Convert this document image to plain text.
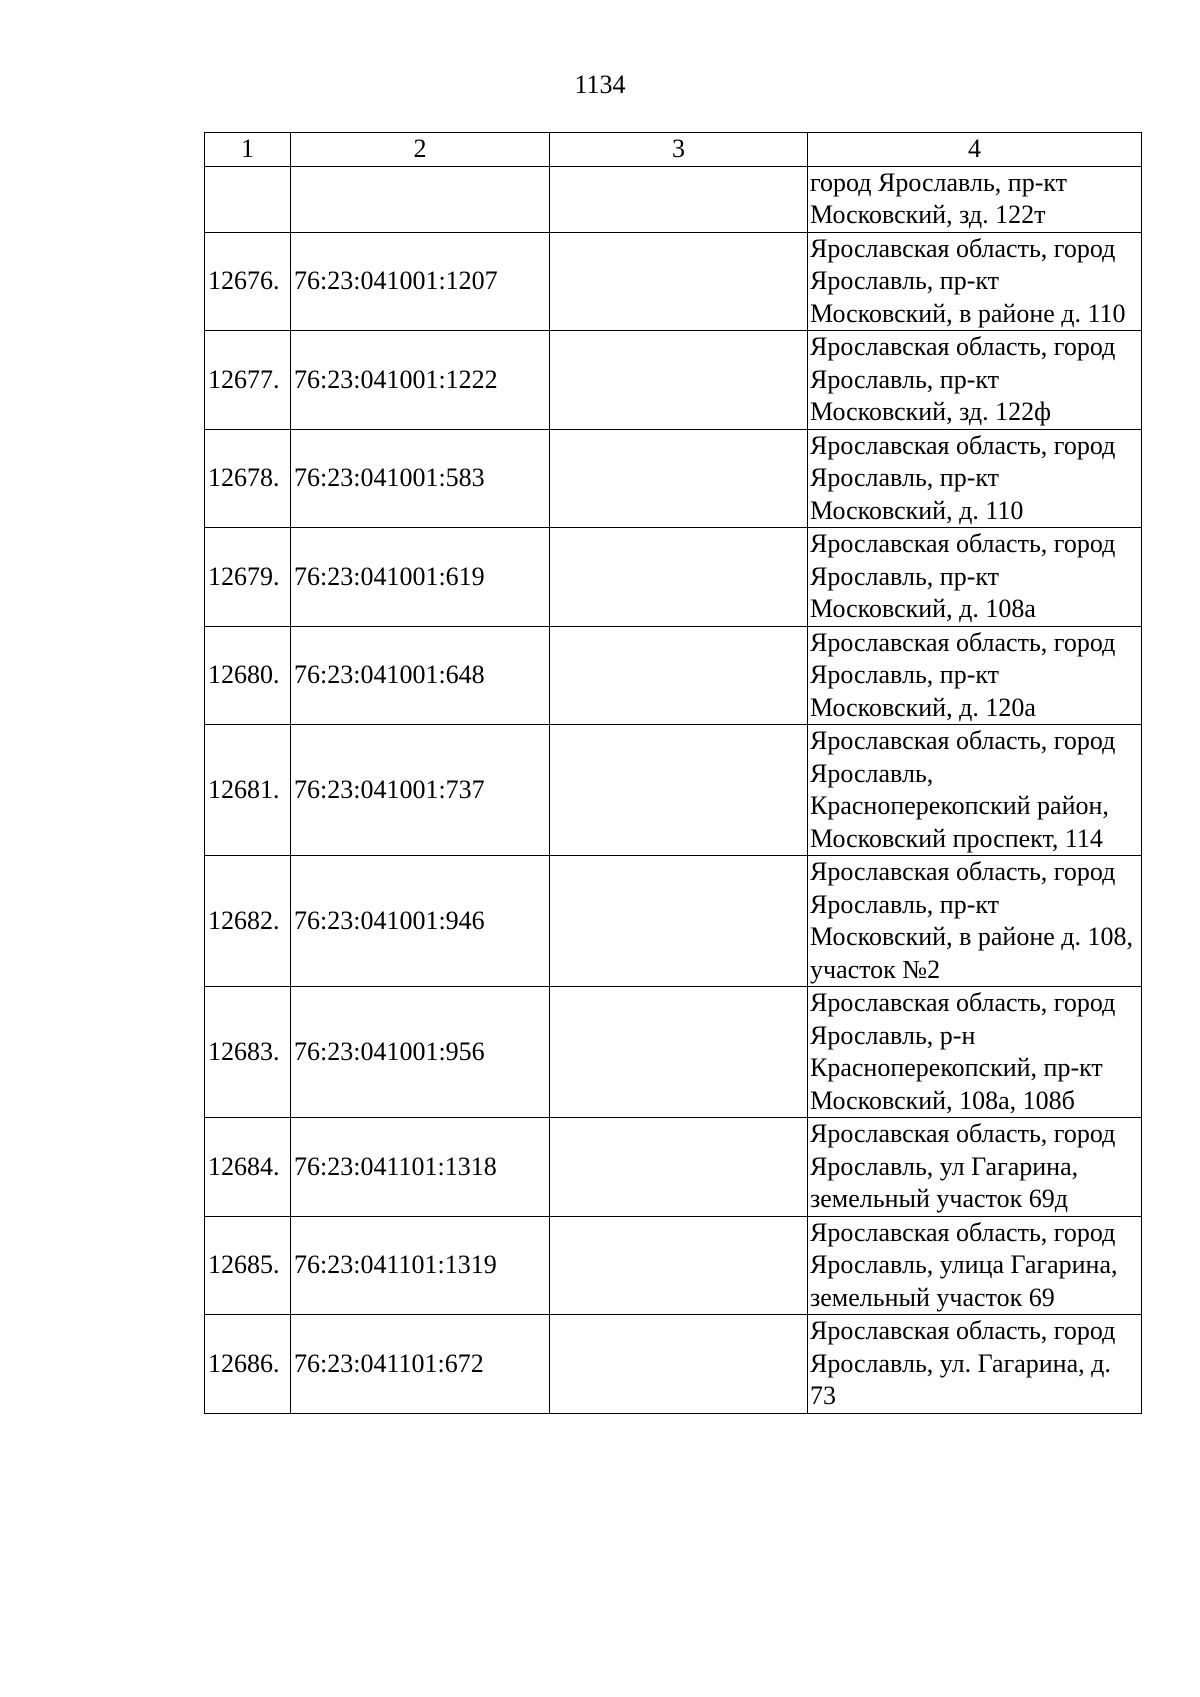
1134
1	2	3	4
			город Ярославль, пр-кт Московский, зд. 122т
12676.	76:23:041001:1207		Ярославская область, город Ярославль, пр-кт Московский, в районе д. 110
12677.	76:23:041001:1222		Ярославская область, город Ярославль, пр-кт Московский, зд. 122ф
12678.	76:23:041001:583		Ярославская область, город Ярославль, пр-кт Московский, д. 110
12679.	76:23:041001:619		Ярославская область, город Ярославль, пр-кт Московский, д. 108а
12680.	76:23:041001:648		Ярославская область, город Ярославль, пр-кт Московский, д. 120а
12681.	76:23:041001:737		Ярославская область, город Ярославль, Красноперекопский район, Московский проспект, 114
12682.	76:23:041001:946		Ярославская область, город Ярославль, пр-кт Московский, в районе д. 108, участок №2
12683.	76:23:041001:956		Ярославская область, город Ярославль, р-н Красноперекопский, пр-кт Московский, 108а, 108б
12684.	76:23:041101:1318		Ярославская область, город Ярославль, ул Гагарина, земельный участок 69д
12685.	76:23:041101:1319		Ярославская область, город Ярославль, улица Гагарина, земельный участок 69
12686.	76:23:041101:672		Ярославская область, город Ярославль, ул. Гагарина, д. 73
